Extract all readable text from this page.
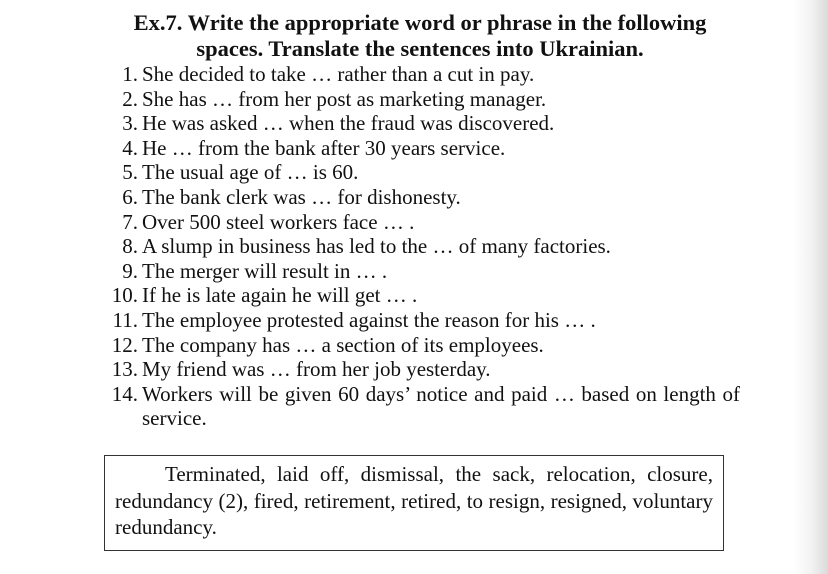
Ex.7. Write the appropriate word or phrase in the following
spaces. Translate the sentences into Ukrainian.
1. She decided to take … rather than a cut in pay.
2. She has … from her post as marketing manager.
3. He was asked … when the fraud was discovered.
4. He … from the bank after 30 years service.
5. The usual age of … is 60.
6. The bank clerk was … for dishonesty.
7. Over 500 steel workers face … .
8. A slump in business has led to the … of many factories.
9. The merger will result in … .
10. If he is late again he will get … .
11. The employee protested against the reason for his … .
12. The company has … a section of its employees.
13. My friend was … from her job yesterday.
14. Workers will be given 60 days’ notice and paid … based on length of service.

Terminated, laid off, dismissal, the sack, relocation, closure, redundancy (2), fired, retirement, retired, to resign, resigned, voluntary redundancy.
